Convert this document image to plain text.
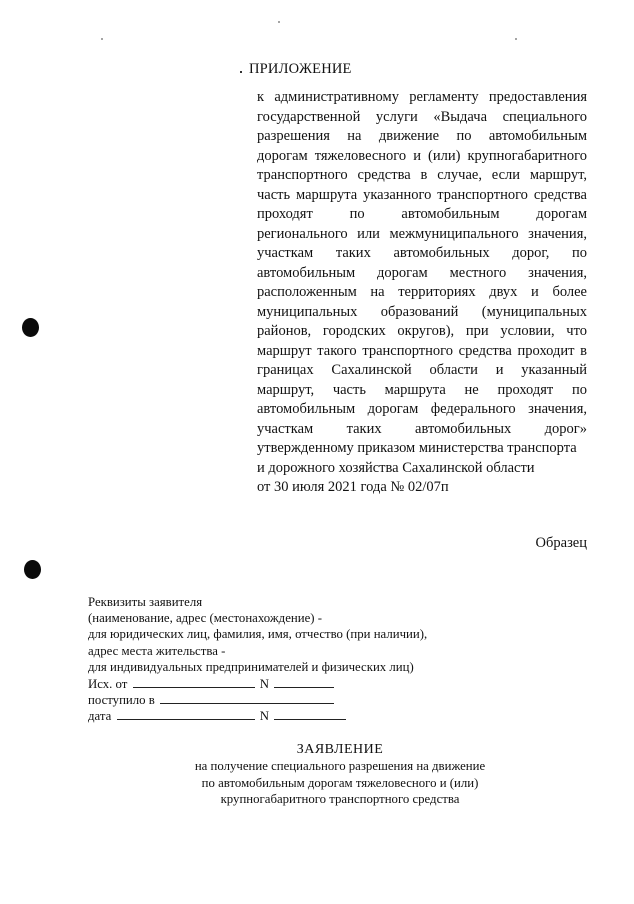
ПРИЛОЖЕНИЕ
к административному регламенту предоставления
государственной услуги «Выдача специального
разрешения на движение по автомобильным
дорогам тяжеловесного и (или) крупногабаритного
транспортного средства в случае, если маршрут,
часть маршрута указанного транспортного средства
проходят по автомобильным дорогам
регионального или межмуниципального значения,
участкам таких автомобильных дорог, по
автомобильным дорогам местного значения,
расположенным на территориях двух и более
муниципальных образований (муниципальных
районов, городских округов), при условии, что
маршрут такого транспортного средства проходит в
границах Сахалинской области и указанный
маршрут, часть маршрута не проходят по
автомобильным дорогам федерального значения,
участкам таких автомобильных дорог»
утвержденному приказом министерства транспорта
и дорожного хозяйства Сахалинской области
от 30 июля 2021 года № 02/07п
Образец
Реквизиты заявителя
(наименование, адрес (местонахождение) -
для юридических лиц, фамилия, имя, отчество (при наличии),
адрес места жительства -
для индивидуальных предпринимателей и физических лиц)
Исх. от	N
поступило в
дата	N
ЗАЯВЛЕНИЕ
на получение специального разрешения на движение
по автомобильным дорогам тяжеловесного и (или)
крупногабаритного транспортного средства
